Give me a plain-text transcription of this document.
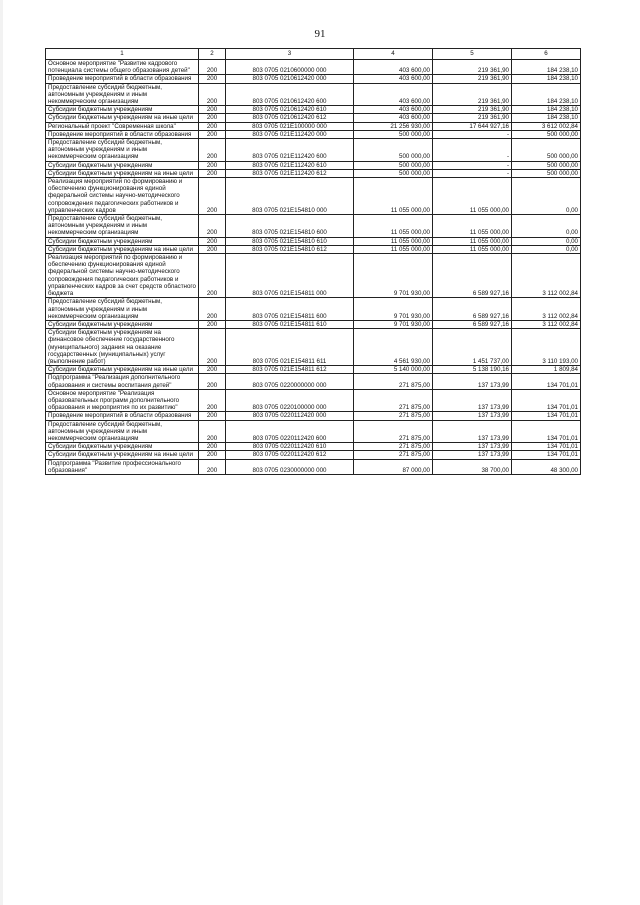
91
1	2	3	4	5	6
Основное мероприятие "Развитие кадрового потенциала системы общего образования детей"	200	803 0705 0210600000 000	403 600,00	219 361,90	184 238,10
Проведение мероприятий в области образования	200	803 0705 0210612420 000	403 600,00	219 361,90	184 238,10
Предоставление субсидий бюджетным, автономным учреждениям и иным некоммерческим организациям	200	803 0705 0210612420 600	403 600,00	219 361,90	184 238,10
Субсидии бюджетным учреждениям	200	803 0705 0210612420 610	403 600,00	219 361,90	184 238,10
Субсидии бюджетным учреждениям на иные цели	200	803 0705 0210612420 612	403 600,00	219 361,90	184 238,10
Региональный проект "Современная школа"	200	803 0705 021E100000 000	21 256 930,00	17 644 927,16	3 612 002,84
Проведение мероприятий в области образования	200	803 0705 021E112420 000	500 000,00	-	500 000,00
Предоставление субсидий бюджетным, автономным учреждениям и иным некоммерческим организациям	200	803 0705 021E112420 600	500 000,00	-	500 000,00
Субсидии бюджетным учреждениям	200	803 0705 021E112420 610	500 000,00	-	500 000,00
Субсидии бюджетным учреждениям на иные цели	200	803 0705 021E112420 612	500 000,00	-	500 000,00
Реализация мероприятий по формированию и обеспечению функционирования единой федеральной системы научно-методического сопровождения педагогических работников и управленческих кадров	200	803 0705 021E154810 000	11 055 000,00	11 055 000,00	0,00
Предоставление субсидий бюджетным, автономным учреждениям и иным некоммерческим организациям	200	803 0705 021E154810 600	11 055 000,00	11 055 000,00	0,00
Субсидии бюджетным учреждениям	200	803 0705 021E154810 610	11 055 000,00	11 055 000,00	0,00
Субсидии бюджетным учреждениям на иные цели	200	803 0705 021E154810 612	11 055 000,00	11 055 000,00	0,00
Реализация мероприятий по формированию и обеспечению функционирования единой федеральной системы научно-методического сопровождения педагогических работников и управленческих кадров за счет средств областного бюджета	200	803 0705 021E154811 000	9 701 930,00	6 589 927,16	3 112 002,84
Предоставление субсидий бюджетным, автономным учреждениям и иным некоммерческим организациям	200	803 0705 021E154811 600	9 701 930,00	6 589 927,16	3 112 002,84
Субсидии бюджетным учреждениям	200	803 0705 021E154811 610	9 701 930,00	6 589 927,16	3 112 002,84
Субсидии бюджетным учреждениям на финансовое обеспечение государственного (муниципального) задания на оказание государственных (муниципальных) услуг (выполнение работ)	200	803 0705 021E154811 611	4 561 930,00	1 451 737,00	3 110 193,00
Субсидии бюджетным учреждениям на иные цели	200	803 0705 021E154811 612	5 140 000,00	5 138 190,16	1 809,84
Подпрограмма "Реализация дополнительного образования и системы воспитания детей"	200	803 0705 0220000000 000	271 875,00	137 173,99	134 701,01
Основное мероприятие "Реализация образовательных программ дополнительного образования и мероприятия по их развитию"	200	803 0705 0220100000 000	271 875,00	137 173,99	134 701,01
Проведение мероприятий в области образования	200	803 0705 0220112420 000	271 875,00	137 173,99	134 701,01
Предоставление субсидий бюджетным, автономным учреждениям и иным некоммерческим организациям	200	803 0705 0220112420 600	271 875,00	137 173,99	134 701,01
Субсидии бюджетным учреждениям	200	803 0705 0220112420 610	271 875,00	137 173,99	134 701,01
Субсидии бюджетным учреждениям на иные цели	200	803 0705 0220112420 612	271 875,00	137 173,99	134 701,01
Подпрограмма "Развитие профессионального образования"	200	803 0705 0230000000 000	87 000,00	38 700,00	48 300,00
